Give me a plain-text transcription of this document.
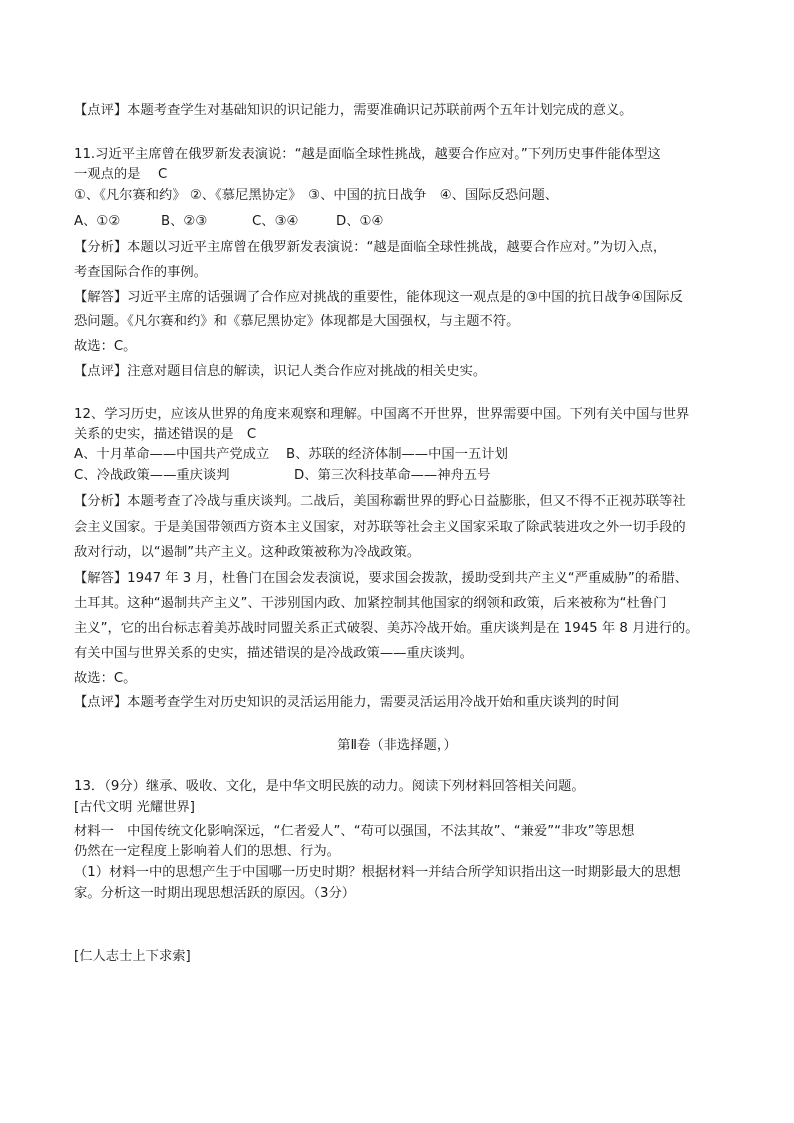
【点评】本题考查学生对基础知识的识记能力，需要准确识记苏联前两个五年计划完成的意义。
11.习近平主席曾在俄罗新发表演说：“越是面临全球性挑战，越要合作应对。”下列历史事件能体型这
一观点的是　 C
①、《凡尔赛和约》 ②、《慕尼黑协定》　③、中国的抗日战争　④、国际反恐问题、
A、①②	B、②③	C、③④	D、①④
【分析】本题以习近平主席曾在俄罗新发表演说：“越是面临全球性挑战，越要合作应对。”为切入点，
考查国际合作的事例。
【解答】习近平主席的话强调了合作应对挑战的重要性，能体现这一观点是的③中国的抗日战争④国际反
恐问题。《凡尔赛和约》和《慕尼黑协定》体现都是大国强权，与主题不符。
故选：C。
【点评】注意对题目信息的解读，识记人类合作应对挑战的相关史实。
12、学习历史，应该从世界的角度来观察和理解。中国离不开世界，世界需要中国。下列有关中国与世界
关系的史实，描述错误的是　C
A、十月革命——中国共产党成立 B、苏联的经济体制——中国一五计划
C、冷战政策——重庆谈判	D、第三次科技革命——神舟五号
【分析】本题考查了冷战与重庆谈判。二战后，美国称霸世界的野心日益膨胀，但又不得不正视苏联等社
会主义国家。于是美国带领西方资本主义国家，对苏联等社会主义国家采取了除武装进攻之外一切手段的
敌对行动，以“遏制”共产主义。这种政策被称为冷战政策。
【解答】1947 年 3 月，杜鲁门在国会发表演说，要求国会拨款，援助受到共产主义“严重威胁”的希腊、
土耳其。这种“遏制共产主义”、干涉别国内政、加紧控制其他国家的纲领和政策，后来被称为“杜鲁门
主义”，它的出台标志着美苏战时同盟关系正式破裂、美苏冷战开始。重庆谈判是在 1945 年 8 月进行的。
有关中国与世界关系的史实，描述错误的是冷战政策——重庆谈判。
故选：C。
【点评】本题考查学生对历史知识的灵活运用能力，需要灵活运用冷战开始和重庆谈判的时间
第Ⅱ卷（非选择题，）
13．（9分）继承、吸收、文化，是中华文明民族的动力。阅读下列材料回答相关问题。
[古代文明 光耀世界]
材料一　中国传统文化影响深远，“仁者爱人”、“苟可以强国，不法其故”、“兼爱”“非攻”等思想
仍然在一定程度上影响着人们的思想、行为。
（1）材料一中的思想产生于中国哪一历史时期？根据材料一并结合所学知识指出这一时期影最大的思想
家。分析这一时期出现思想活跃的原因。（3分）
[仁人志士上下求索]
